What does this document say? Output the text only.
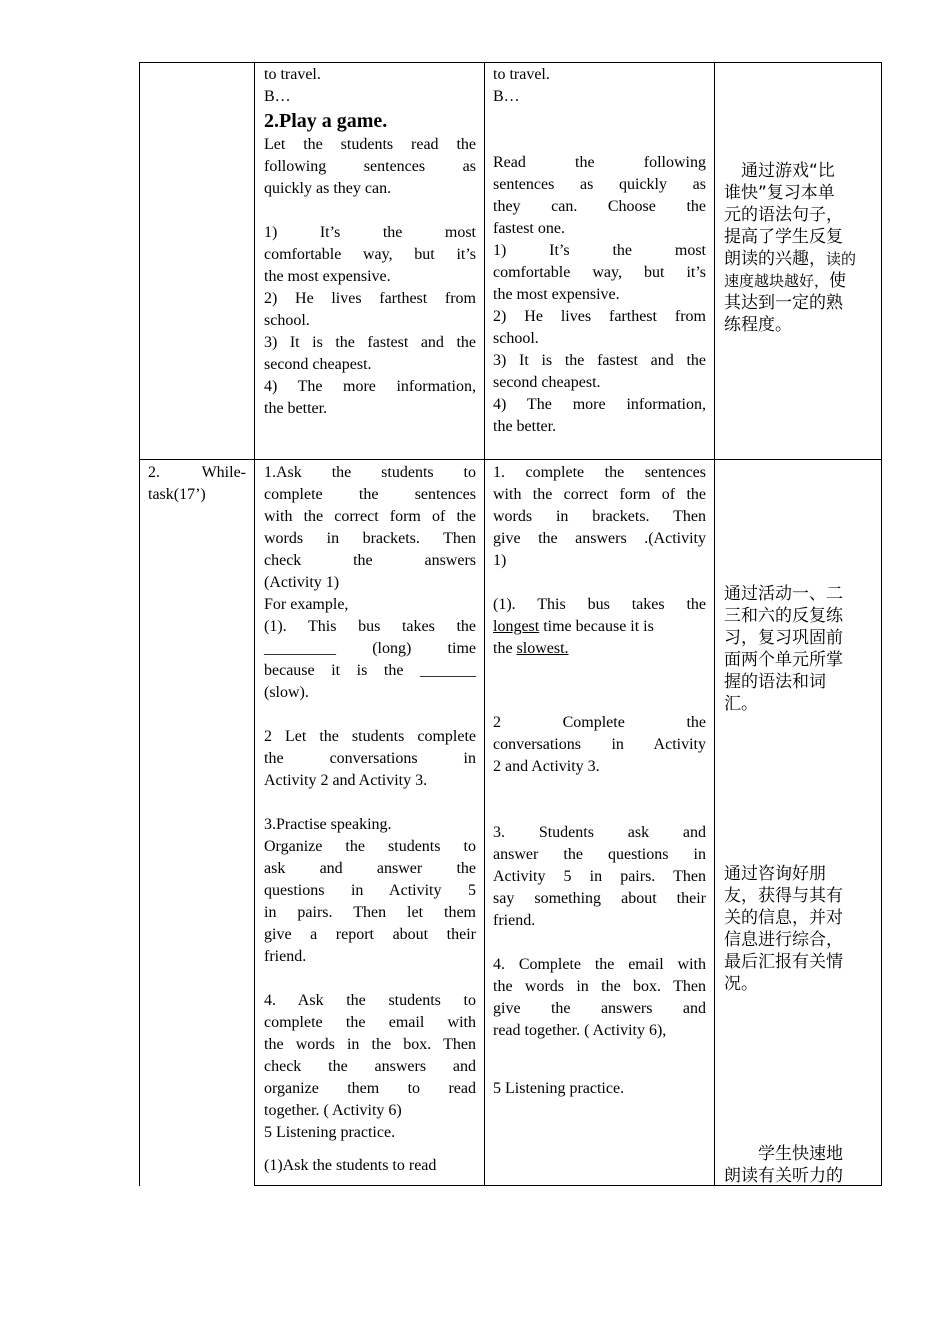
to travel.
B…
2.Play a game.
Let the students read the
following sentences as
quickly as they can.
1) It’s the most
comfortable way, but it’s
the most expensive.
2) He lives farthest from
school.
3) It is the fastest and the
second cheapest.
4) The more information,
the better.
to travel.
B…
Read the following
sentences as quickly as
they can. Choose the
fastest one.
1) It’s the most
comfortable way, but it’s
the most expensive.
2) He lives farthest from
school.
3) It is the fastest and the
second cheapest.
4) The more information,
the better.
　通过游戏“比
谁快”复习本单
元的语法句子，
提高了学生反复
朗读的兴趣，读的
速度越块越好，使
其达到一定的熟
练程度。
2. While-
task(17’)
1.Ask the students to
complete the sentences
with the correct form of the
words in brackets. Then
check the answers
(Activity 1)
For example,
(1). This bus takes the
_________ (long) time
because it is the _______
(slow).
2 Let the students complete
the conversations in
Activity 2 and Activity 3.
3.Practise speaking.
Organize the students to
ask and answer the
questions in Activity 5
in pairs. Then let them
give a report about their
friend.
4. Ask the students to
complete the email with
the words in the box. Then
check the answers and
organize them to read
together. ( Activity 6)
5 Listening practice.
(1)Ask the students to read
1. complete the sentences
with the correct form of the
words in brackets. Then
give the answers .(Activity
1)
(1). This bus takes the
longest time because it is
the slowest.
2 Complete the
conversations in Activity
2 and Activity 3.
3. Students ask and
answer the questions in
Activity 5 in pairs. Then
say something about their
friend.
4. Complete the email with
the words in the box. Then
give the answers and
read together. ( Activity 6),
5 Listening practice.
通过活动一、二
三和六的反复练
习，复习巩固前
面两个单元所掌
握的语法和词
汇。
通过咨询好朋
友，获得与其有
关的信息，并对
信息进行综合，
最后汇报有关情
况。
　　学生快速地
朗读有关听力的
